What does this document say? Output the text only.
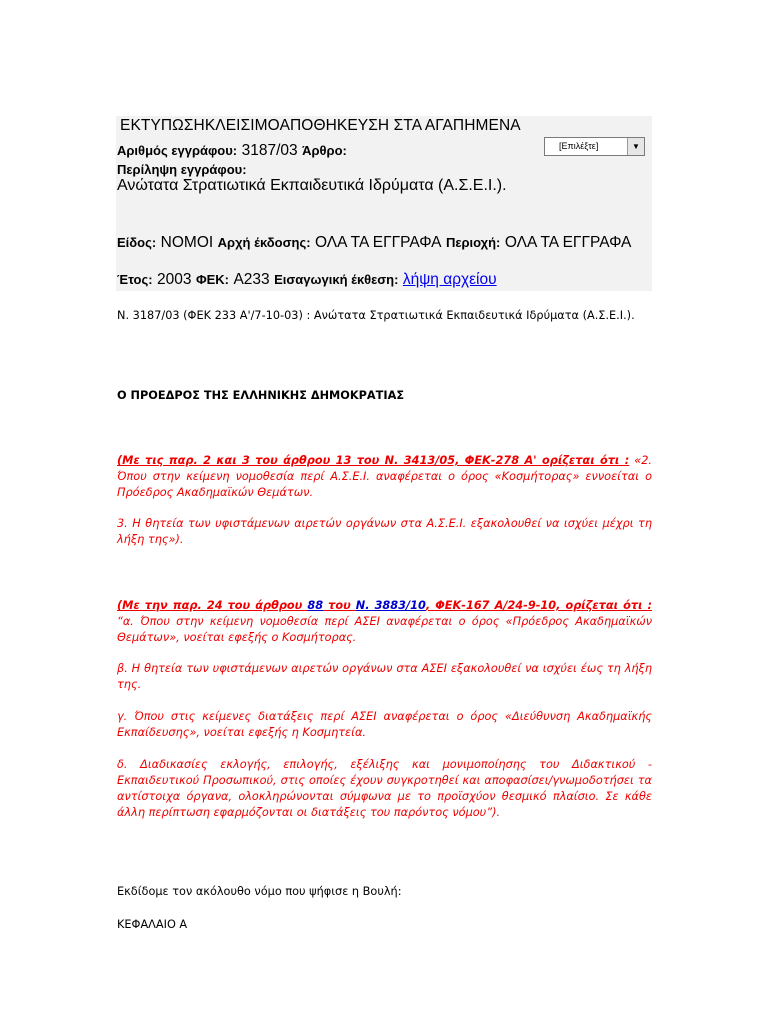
ΕΚΤΥΠΩΣΗΚΛΕΙΣΙΜΟΑΠΟΘΗΚΕΥΣΗ ΣΤΑ ΑΓΑΠΗΜΕΝΑ
[Επιλέξτε]	▼
Αριθμός εγγράφου: 3187/03 Άρθρο:
Περίληψη εγγράφου:
Ανώτατα Στρατιωτικά Εκπαιδευτικά Ιδρύματα (Α.Σ.Ε.Ι.).
Είδος: ΝΟΜΟΙ Αρχή έκδοσης: ΟΛΑ ΤΑ ΕΓΓΡΑΦΑ Περιοχή: ΟΛΑ ΤΑ ΕΓΓΡΑΦΑ
Έτος: 2003 ΦΕΚ: Α233 Εισαγωγική έκθεση: λήψη αρχείου
Ν. 3187/03 (ΦΕΚ 233 Α'/7-10-03) : Ανώτατα Στρατιωτικά Εκπαιδευτικά Ιδρύματα (Α.Σ.Ε.Ι.).
Ο ΠΡΟΕΔΡΟΣ ΤΗΣ ΕΛΛΗΝΙΚΗΣ ΔΗΜΟΚΡΑΤΙΑΣ
(Με τις παρ. 2 και 3 του άρθρου 13 του Ν. 3413/05, ΦΕΚ-278 Α' ορίζεται ότι : «2. Όπου στην κείμενη νομοθεσία περί Α.Σ.Ε.Ι. αναφέρεται ο όρος «Κοσμήτορας» εννοείται ο Πρόεδρος Ακαδημαϊκών Θεμάτων.
3. Η θητεία των υφιστάμενων αιρετών οργάνων στα Α.Σ.Ε.Ι. εξακολουθεί να ισχύει μέχρι τη λήξη της»).
(Με την παρ. 24 του άρθρου 88 του Ν. 3883/10, ΦΕΚ-167 Α/24-9-10, ορίζεται ότι : “α. Όπου στην κείμενη νομοθεσία περί ΑΣΕΙ αναφέρεται ο όρος «Πρόεδρος Ακαδημαϊκών Θεμάτων», νοείται εφεξής ο Κοσμήτορας.
β. Η θητεία των υφιστάμενων αιρετών οργάνων στα ΑΣΕΙ εξακολουθεί να ισχύει έως τη λήξη της.
γ. Όπου στις κείμενες διατάξεις περί ΑΣΕΙ αναφέρεται ο όρος «Διεύθυνση Ακαδημαϊκής Εκπαίδευσης», νοείται εφεξής η Κοσμητεία.
δ. Διαδικασίες εκλογής, επιλογής, εξέλιξης και μονιμοποίησης του Διδακτικού - Εκπαιδευτικού Προσωπικού, στις οποίες έχουν συγκροτηθεί και αποφασίσει/γνωμοδοτήσει τα αντίστοιχα όργανα, ολοκληρώνονται σύμφωνα με το προϊσχύον θεσμικό πλαίσιο. Σε κάθε άλλη περίπτωση εφαρμόζονται οι διατάξεις του παρόντος νόμου”).
Εκδίδομε τον ακόλουθο νόμο που ψήφισε η Βουλή:
ΚΕΦΑΛΑΙΟ Α
